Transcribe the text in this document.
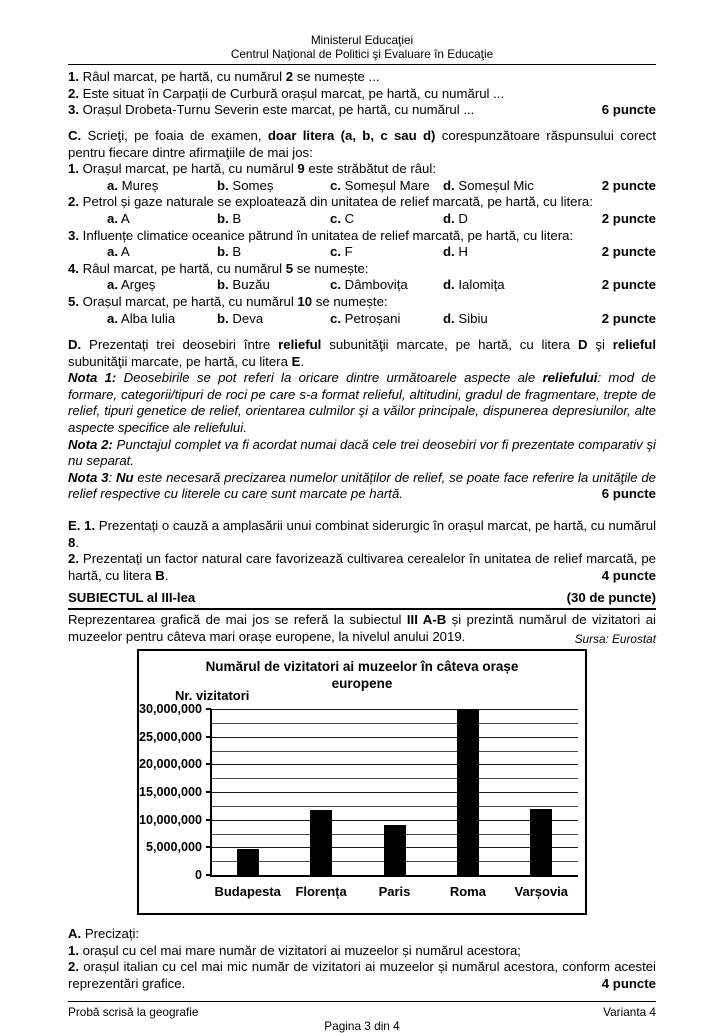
Ministerul Educaţiei
Centrul Naţional de Politici şi Evaluare în Educaţie

1. Râul marcat, pe hartă, cu numărul 2 se numește ...

2. Este situat în Carpații de Curbură orașul marcat, pe hartă, cu numărul ...

6 puncte
3. Orașul Drobeta-Turnu Severin este marcat, pe hartă, cu numărul ...

C. Scrieţi, pe foaia de examen, doar litera (a, b, c sau d) corespunzătoare răspunsului corect pentru fiecare dintre afirmaţiile de mai jos:

1. Orașul marcat, pe hartă, cu numărul 9 este străbătut de râul:

a. Mureș	b. Someș	c. Someșul Mare	d. Someșul Mic	2 puncte

2. Petrol și gaze naturale se exploatează din unitatea de relief marcată, pe hartă, cu litera:

a. A	b. B	c. C	d. D	2 puncte

3. Influențe climatice oceanice pătrund în unitatea de relief marcată, pe hartă, cu litera:

a. A	b. B	c. F	d. H	2 puncte

4. Râul marcat, pe hartă, cu numărul 5 se numește:

a. Argeș	b. Buzău	c. Dâmbovița	d. Ialomița	2 puncte

5. Orașul marcat, pe hartă, cu numărul 10 se numește:

a. Alba Iulia	b. Deva	c. Petroșani	d. Sibiu	2 puncte

D. Prezentați trei deosebiri între relieful subunităţii marcate, pe hartă, cu litera D şi relieful subunităţii marcate, pe hartă, cu litera E.

Nota 1: Deosebirile se pot referi la oricare dintre următoarele aspecte ale reliefului: mod de formare, categorii/tipuri de roci pe care s-a format relieful, altitudini, gradul de fragmentare, trepte de relief, tipuri genetice de relief, orientarea culmilor şi a văilor principale, dispunerea depresiunilor, alte aspecte specifice ale reliefului.

Nota 2: Punctajul complet va fi acordat numai dacă cele trei deosebiri vor fi prezentate comparativ şi nu separat.

Nota 3: Nu este necesară precizarea numelor unităților de relief, se poate face referire la unităţile de relief respective cu literele cu care sunt marcate pe hartă.	6 puncte

E. 1. Prezentați o cauză a amplasării unui combinat siderurgic în orașul marcat, pe hartă, cu numărul 8.

2. Prezentați un factor natural care favorizează cultivarea cerealelor în unitatea de relief marcată, pe hartă, cu litera B.	4 puncte

SUBIECTUL al III-lea	(30 de puncte)

Reprezentarea grafică de mai jos se referă la subiectul III A-B și prezintă numărul de vizitatori ai muzeelor pentru câteva mari orașe europene, la nivelul anului 2019.	Sursa: Eurostat

Numărul de vizitatori ai muzeelor în câteva orașe europene
Nr. vizitatori
0
5,000,000
10,000,000
15,000,000
20,000,000
25,000,000
30,000,000
Budapesta	Florența	Paris	Roma	Varșovia

A. Precizați:

1. orașul cu cel mai mare număr de vizitatori ai muzeelor și numărul acestora;

2. orașul italian cu cel mai mic număr de vizitatori ai muzeelor și numărul acestora, conform acestei reprezentări grafice.	4 puncte

Probă scrisă la geografie	Varianta 4
Pagina 3 din 4
